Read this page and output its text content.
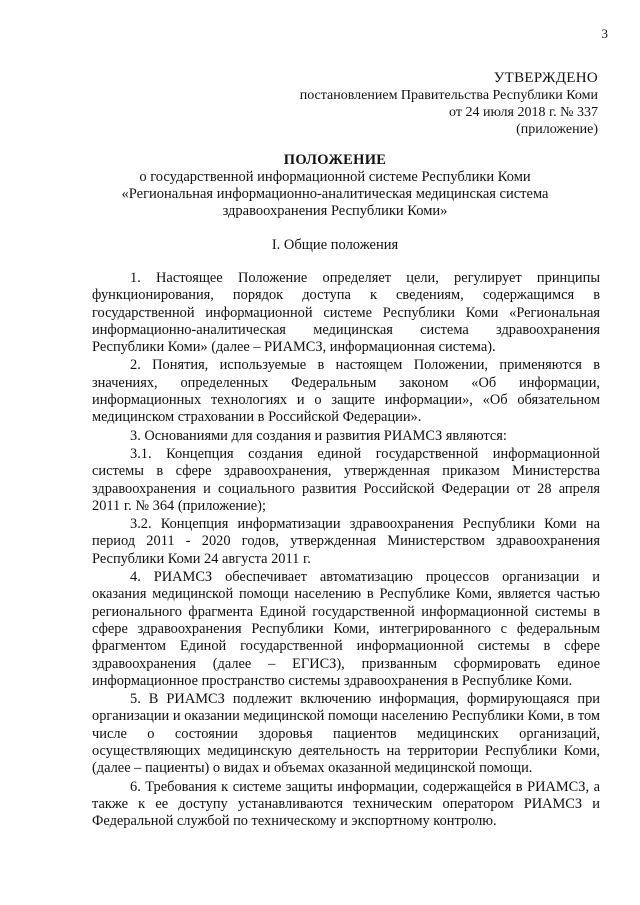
3
УТВЕРЖДЕНО
постановлением Правительства Республики Коми
от 24 июля 2018 г. № 337
(приложение)
ПОЛОЖЕНИЕ
о государственной информационной системе Республики Коми
«Региональная информационно-аналитическая медицинская система
здравоохранения Республики Коми»
I. Общие положения

1. Настоящее Положение определяет цели, регулирует принципы функционирования, порядок доступа к сведениям, содержащимся в государственной информационной системе Республики Коми «Региональная информационно-аналитическая медицинская система здравоохранения Республики Коми» (далее – РИАМСЗ, информационная система).

2. Понятия, используемые в настоящем Положении, применяются в значениях, определенных Федеральным законом «Об информации, информационных технологиях и о защите информации», «Об обязательном медицинском страховании в Российской Федерации».

3. Основаниями для создания и развития РИАМСЗ являются:

3.1. Концепция создания единой государственной информационной системы в сфере здравоохранения, утвержденная приказом Министерства здравоохранения и социального развития Российской Федерации от 28 апреля 2011 г. № 364 (приложение);

3.2. Концепция информатизации здравоохранения Республики Коми на период 2011 - 2020 годов, утвержденная Министерством здравоохранения Республики Коми 24 августа 2011 г.

4. РИАМСЗ обеспечивает автоматизацию процессов организации и оказания медицинской помощи населению в Республике Коми, является частью регионального фрагмента Единой государственной информационной системы в сфере здравоохранения Республики Коми, интегрированного с федеральным фрагментом Единой государственной информационной системы в сфере здравоохранения (далее – ЕГИСЗ), призванным сформировать единое информационное пространство системы здравоохранения в Республике Коми.

5. В РИАМСЗ подлежит включению информация, формирующаяся при организации и оказании медицинской помощи населению Республики Коми, в том числе о состоянии здоровья пациентов медицинских организаций, осуществляющих медицинскую деятельность на территории Республики Коми, (далее – пациенты) о видах и объемах оказанной медицинской помощи.

6. Требования к системе защиты информации, содержащейся в РИАМСЗ, а также к ее доступу устанавливаются техническим оператором РИАМСЗ и Федеральной службой по техническому и экспортному контролю.
